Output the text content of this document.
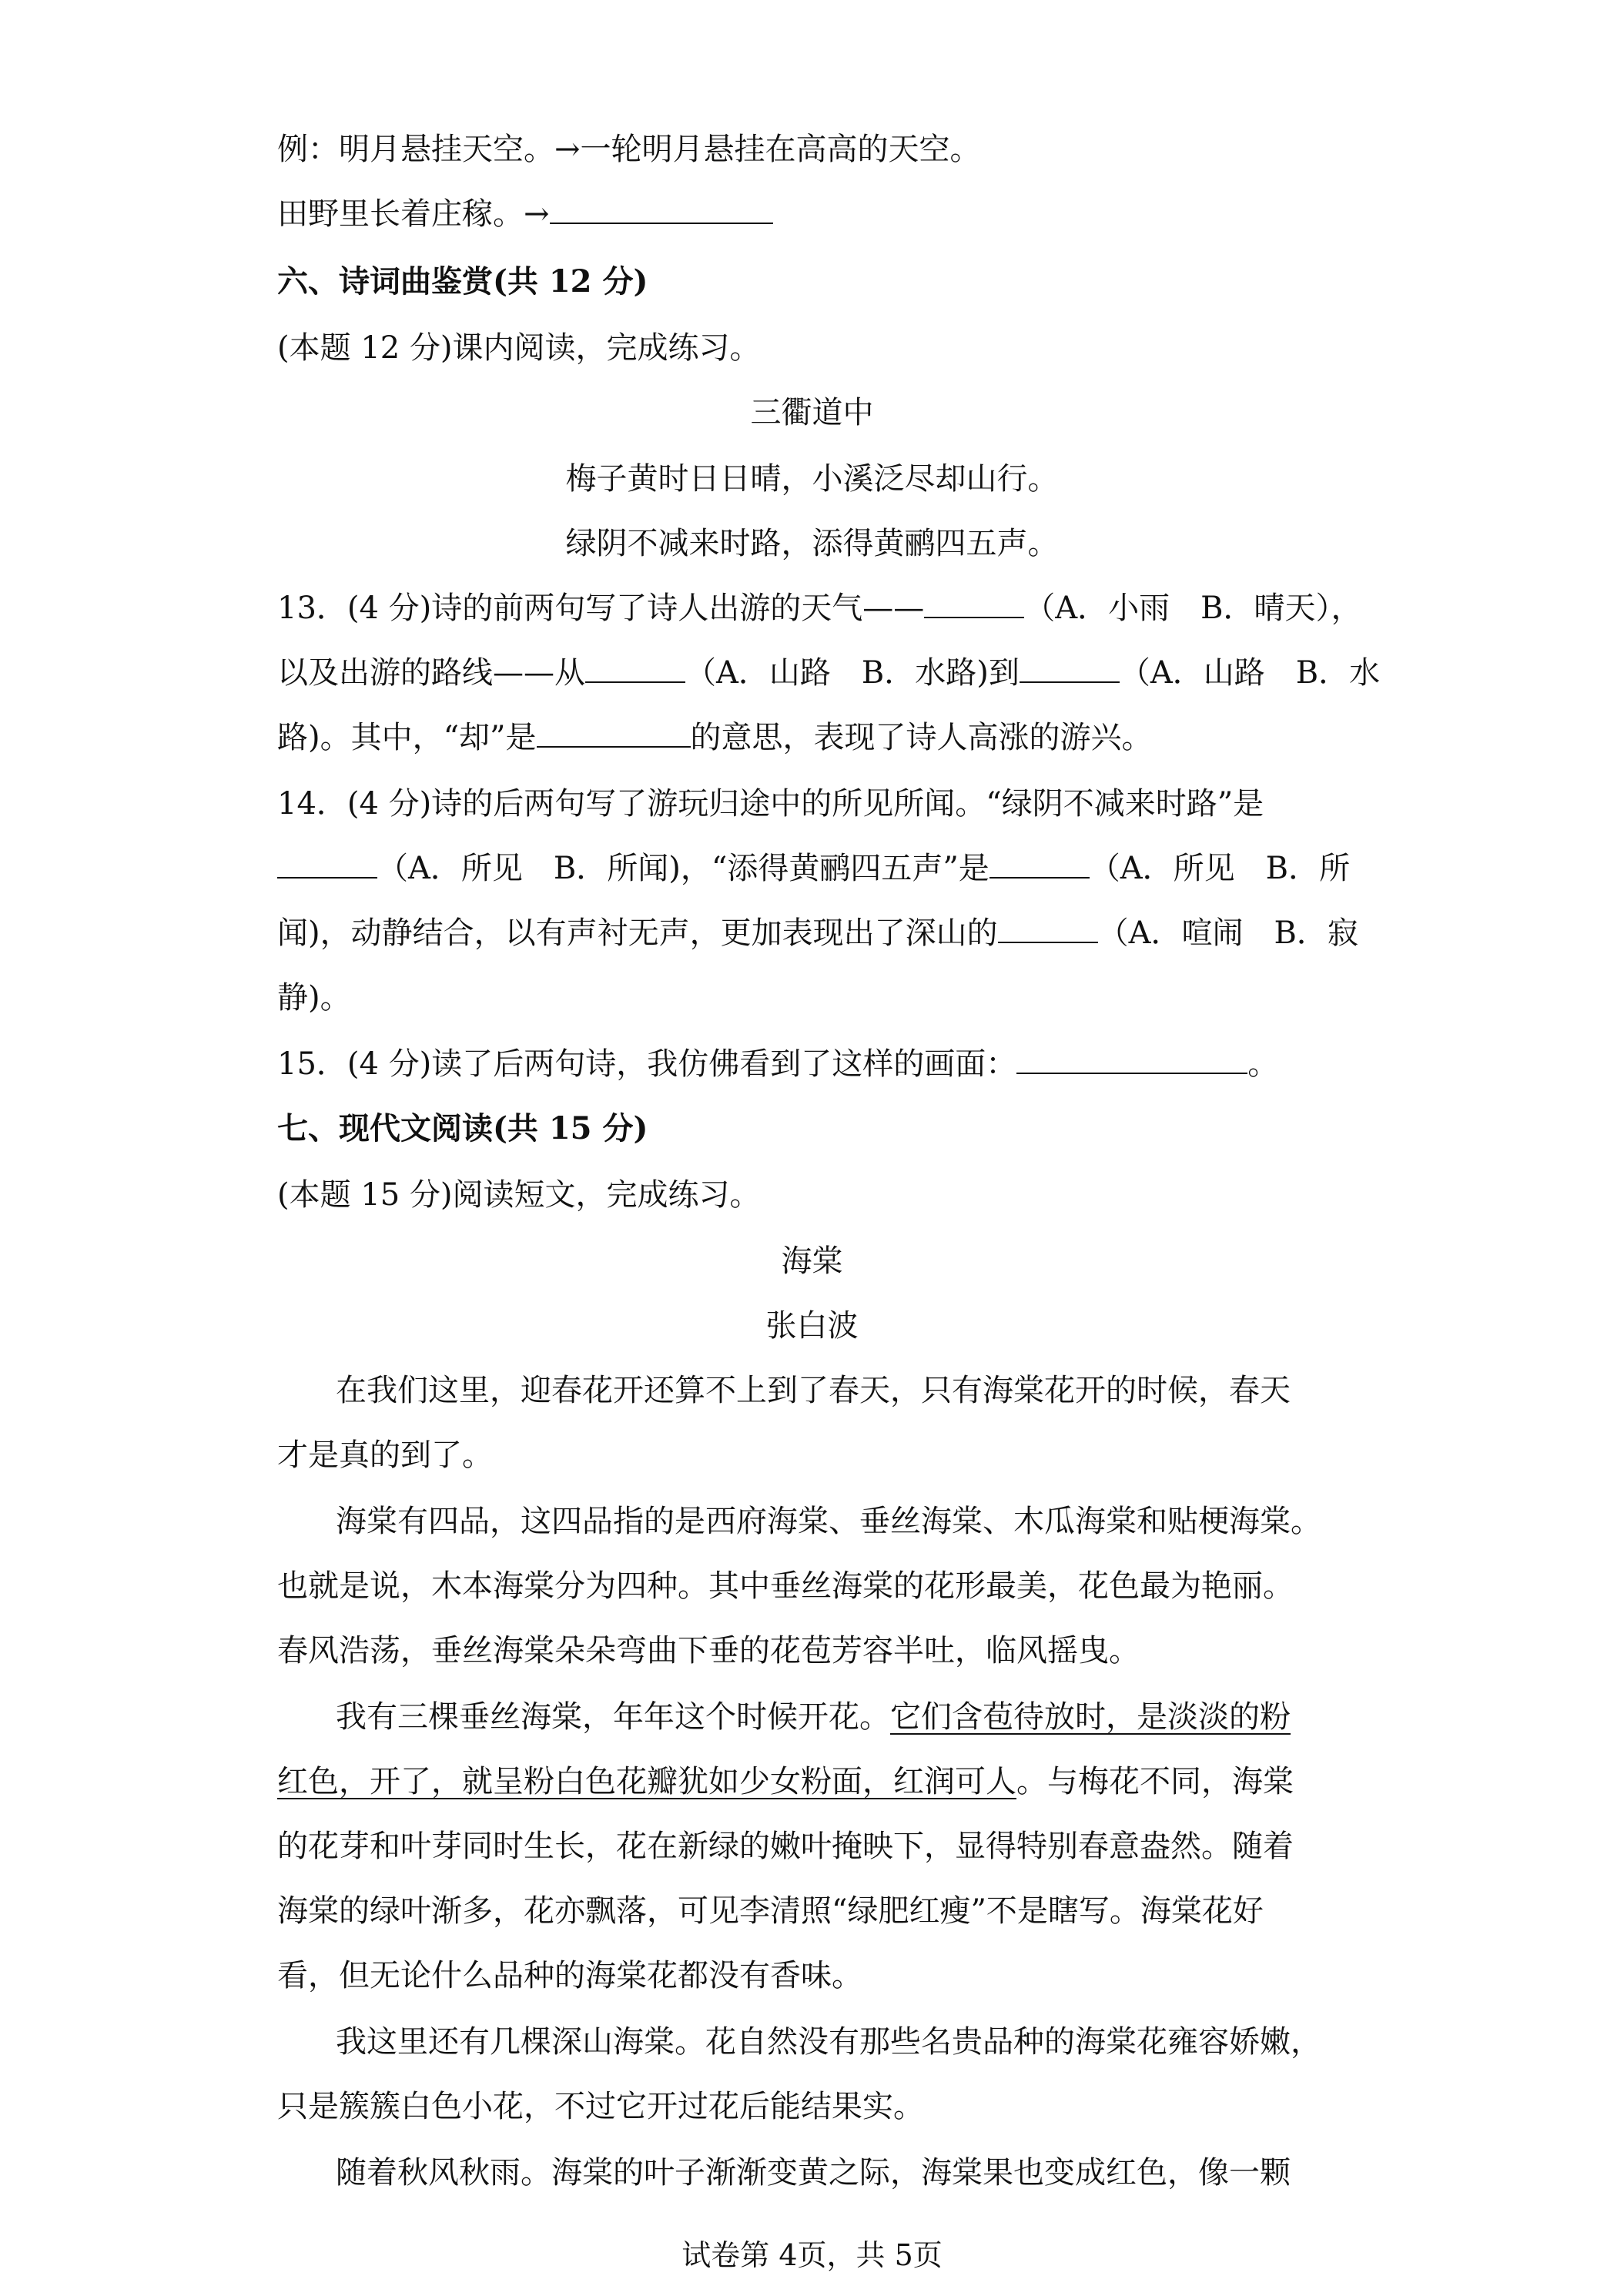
例：明月悬挂天空。→一轮明月悬挂在高高的天空。
田野里长着庄稼。→
六、诗词曲鉴赏(共 12 分)
(本题 12 分)课内阅读，完成练习。
三衢道中
梅子黄时日日晴，小溪泛尽却山行。
绿阴不减来时路，添得黄鹂四五声。
13．(4 分)诗的前两句写了诗人出游的天气——	（A．小雨　B．晴天），
以及出游的路线——从	（A．山路　B．水路)到	（A．山路　B．水
路)。其中，“却”是	的意思，表现了诗人高涨的游兴。
14．(4 分)诗的后两句写了游玩归途中的所见所闻。“绿阴不减来时路”是
（A．所见　B．所闻)，“添得黄鹂四五声”是	（A．所见　B．所
闻)，动静结合，以有声衬无声，更加表现出了深山的	（A．喧闹　B．寂
静)。
15．(4 分)读了后两句诗，我仿佛看到了这样的画面：	。
七、现代文阅读(共 15 分)
(本题 15 分)阅读短文，完成练习。
海棠
张白波
在我们这里，迎春花开还算不上到了春天，只有海棠花开的时候，春天
才是真的到了。
海棠有四品，这四品指的是西府海棠、垂丝海棠、木瓜海棠和贴梗海棠。
也就是说，木本海棠分为四种。其中垂丝海棠的花形最美，花色最为艳丽。
春风浩荡，垂丝海棠朵朵弯曲下垂的花苞芳容半吐，临风摇曳。
我有三棵垂丝海棠，年年这个时候开花。它们含苞待放时，是淡淡的粉
红色，开了，就呈粉白色花瓣犹如少女粉面，红润可人。与梅花不同，海棠
的花芽和叶芽同时生长，花在新绿的嫩叶掩映下，显得特别春意盎然。随着
海棠的绿叶渐多，花亦飘落，可见李清照“绿肥红瘦”不是瞎写。海棠花好
看，但无论什么品种的海棠花都没有香味。
我这里还有几棵深山海棠。花自然没有那些名贵品种的海棠花雍容娇嫩，
只是簇簇白色小花，不过它开过花后能结果实。
随着秋风秋雨。海棠的叶子渐渐变黄之际，海棠果也变成红色，像一颗
试卷第 4页，共 5页
